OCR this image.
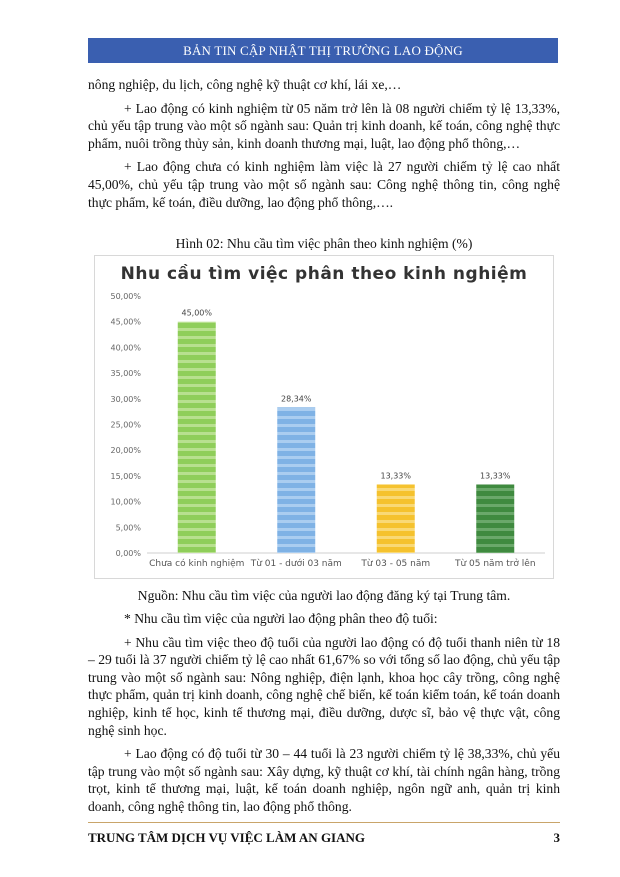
BẢN TIN CẬP NHẬT THỊ TRƯỜNG LAO ĐỘNG

nông nghiệp, du lịch, công nghệ kỹ thuật cơ khí, lái xe,…

+ Lao động có kinh nghiệm từ 05 năm trở lên là 08 người chiếm tỷ lệ 13,33%, chủ yếu tập trung vào một số ngành sau: Quản trị kinh doanh, kế toán, công nghệ thực phẩm, nuôi trồng thủy sản, kinh doanh thương mại, luật, lao động phổ thông,…

+ Lao động chưa có kinh nghiệm làm việc là 27 người chiếm tỷ lệ cao nhất 45,00%, chủ yếu tập trung vào một số ngành sau: Công nghệ thông tin, công nghệ thực phẩm, kế toán, điều dưỡng, lao động phổ thông,….

Hình 02: Nhu cầu tìm việc phân theo kinh nghiệm (%)
Nhu cầu tìm việc phân theo kinh nghiệm
0,00%
5,00%
10,00%
15,00%
20,00%
25,00%
30,00%
35,00%
40,00%
45,00%
50,00%
45,00%
Chưa có kinh nghiệm
28,34%
Từ 01 - dưới 03 năm
13,33%
Từ 03 - 05 năm
13,33%
Từ 05 năm trở lên
Nguồn: Nhu cầu tìm việc của người lao động đăng ký tại Trung tâm.

* Nhu cầu tìm việc của người lao động phân theo độ tuổi:

+ Nhu cầu tìm việc theo độ tuổi của người lao động có độ tuổi thanh niên từ 18 – 29 tuổi là 37 người chiếm tỷ lệ cao nhất 61,67% so với tổng số lao động, chủ yếu tập trung vào một số ngành sau: Nông nghiệp, điện lạnh, khoa học cây trồng, công nghệ thực phẩm, quản trị kinh doanh, công nghệ chế biến, kế toán kiểm toán, kế toán doanh nghiệp, kinh tế học, kinh tế thương mại, điều dưỡng, dược sĩ, bảo vệ thực vật, công nghệ sinh học.

+ Lao động có độ tuổi từ 30 – 44 tuổi là 23 người chiếm tỷ lệ 38,33%, chủ yếu tập trung vào một số ngành sau: Xây dựng, kỹ thuật cơ khí, tài chính ngân hàng, trồng trọt, kinh tế thương mại, luật, kế toán doanh nghiệp, ngôn ngữ anh, quản trị kinh doanh, công nghệ thông tin, lao động phổ thông.

TRUNG TÂM DỊCH VỤ VIỆC LÀM AN GIANG	3
